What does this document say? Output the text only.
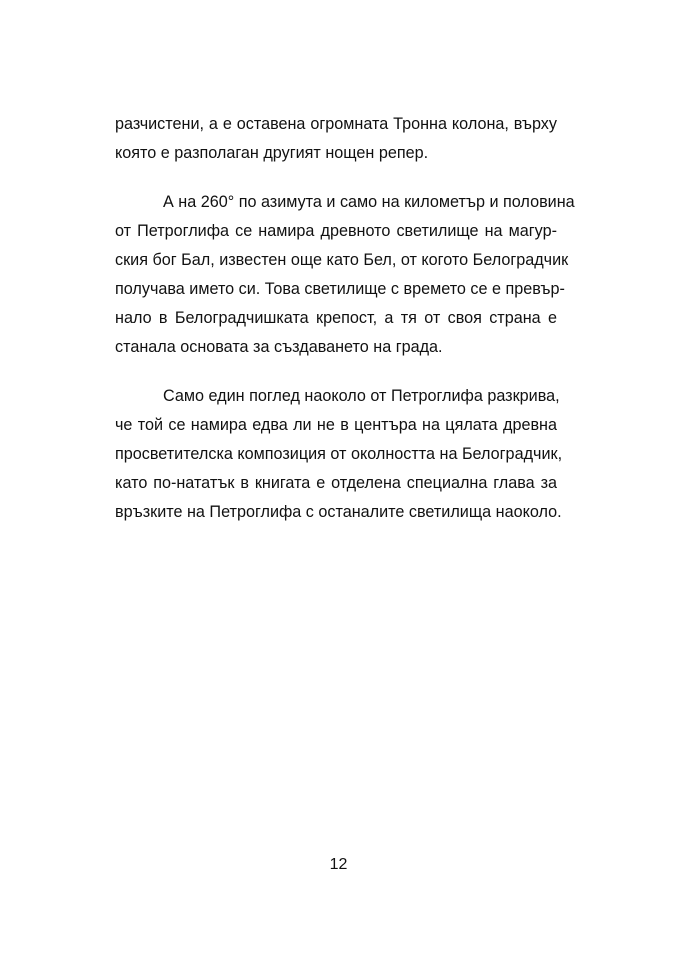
разчистени, а е оставена огромната Тронна колона, върху
която е разполаган другият нощен репер.
А на 260° по азимута и само на километър и половина
от Петроглифа се намира древното светилище на магур-
ския бог Бал, известен още като Бел, от когото Белоградчик
получава името си. Това светилище с времето се е превър-
нало в Белоградчишката крепост, а тя от своя страна е
станала основата за създаването на града.
Само един поглед наоколо от Петроглифа разкрива,
че той се намира едва ли не в центъра на цялата древна
просветителска композиция от околността на Белоградчик,
като по-нататък в книгата е отделена специална глава за
връзките на Петроглифа с останалите светилища наоколо.
12
